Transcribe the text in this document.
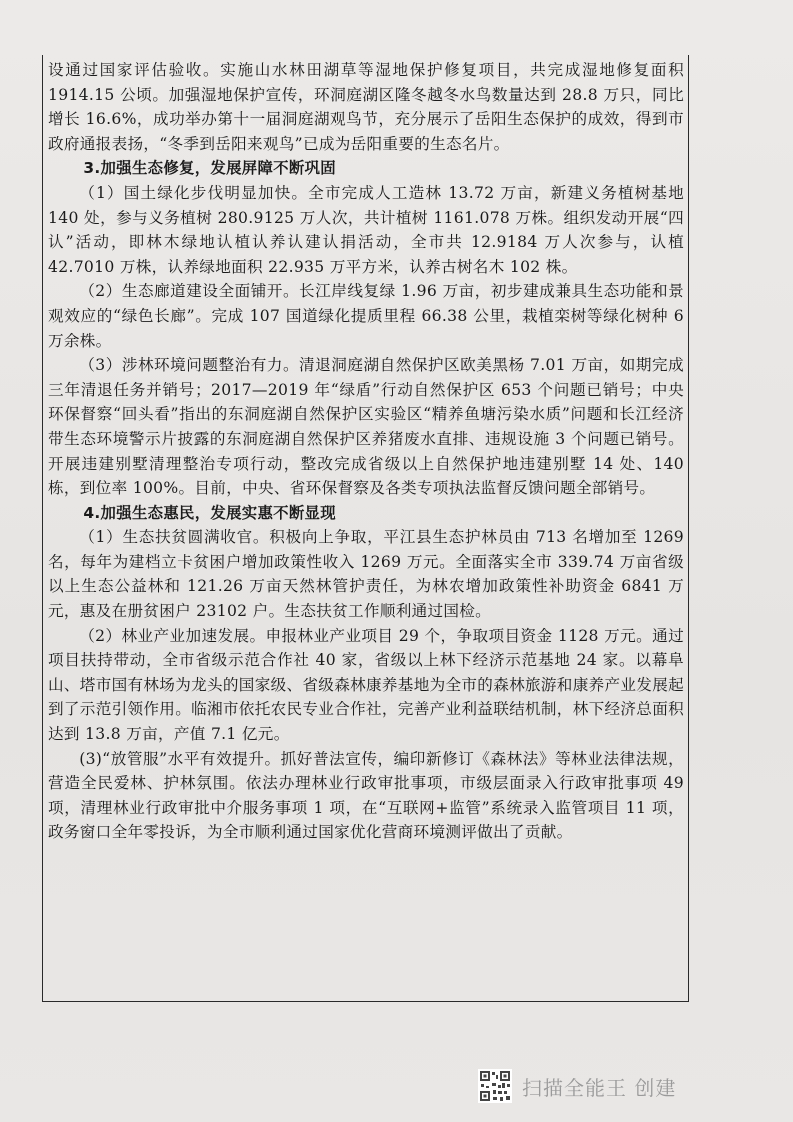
设通过国家评估验收。实施山水林田湖草等湿地保护修复项目，共完成湿地修复面积 1914.15 公顷。加强湿地保护宣传，环洞庭湖区隆冬越冬水鸟数量达到 28.8 万只，同比增长 16.6%，成功举办第十一届洞庭湖观鸟节，充分展示了岳阳生态保护的成效，得到市政府通报表扬，“冬季到岳阳来观鸟”已成为岳阳重要的生态名片。

3.加强生态修复，发展屏障不断巩固

（1）国土绿化步伐明显加快。全市完成人工造林 13.72 万亩，新建义务植树基地 140 处，参与义务植树 280.9125 万人次，共计植树 1161.078 万株。组织发动开展“四认”活动，即林木绿地认植认养认建认捐活动，全市共 12.9184 万人次参与，认植 42.7010 万株，认养绿地面积 22.935 万平方米，认养古树名木 102 株。

（2）生态廊道建设全面铺开。长江岸线复绿 1.96 万亩，初步建成兼具生态功能和景观效应的“绿色长廊”。完成 107 国道绿化提质里程 66.38 公里，栽植栾树等绿化树种 6 万余株。

（3）涉林环境问题整治有力。清退洞庭湖自然保护区欧美黑杨 7.01 万亩，如期完成三年清退任务并销号；2017—2019 年“绿盾”行动自然保护区 653 个问题已销号；中央环保督察“回头看”指出的东洞庭湖自然保护区实验区“精养鱼塘污染水质”问题和长江经济带生态环境警示片披露的东洞庭湖自然保护区养猪废水直排、违规设施 3 个问题已销号。开展违建别墅清理整治专项行动，整改完成省级以上自然保护地违建别墅 14 处、140 栋，到位率 100%。目前，中央、省环保督察及各类专项执法监督反馈问题全部销号。

4.加强生态惠民，发展实惠不断显现

（1）生态扶贫圆满收官。积极向上争取，平江县生态护林员由 713 名增加至 1269 名，每年为建档立卡贫困户增加政策性收入 1269 万元。全面落实全市 339.74 万亩省级以上生态公益林和 121.26 万亩天然林管护责任，为林农增加政策性补助资金 6841 万元，惠及在册贫困户 23102 户。生态扶贫工作顺利通过国检。

（2）林业产业加速发展。申报林业产业项目 29 个，争取项目资金 1128 万元。通过项目扶持带动，全市省级示范合作社 40 家，省级以上林下经济示范基地 24 家。以幕阜山、塔市国有林场为龙头的国家级、省级森林康养基地为全市的森林旅游和康养产业发展起到了示范引领作用。临湘市依托农民专业合作社，完善产业利益联结机制，林下经济总面积达到 13.8 万亩，产值 7.1 亿元。

(3)“放管服”水平有效提升。抓好普法宣传，编印新修订《森林法》等林业法律法规，营造全民爱林、护林氛围。依法办理林业行政审批事项，市级层面录入行政审批事项 49 项，清理林业行政审批中介服务事项 1 项，在“互联网+监管”系统录入监管项目 11 项，政务窗口全年零投诉，为全市顺利通过国家优化营商环境测评做出了贡献。

扫描全能王 创建
